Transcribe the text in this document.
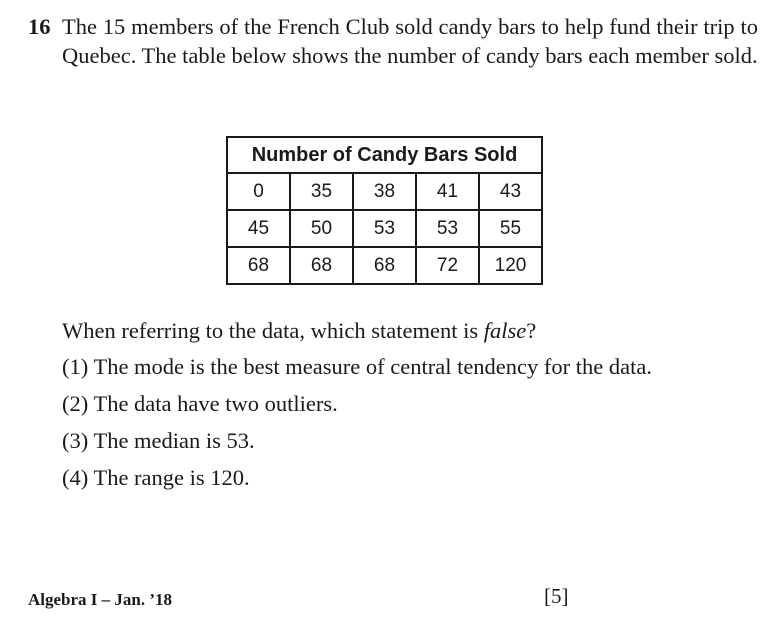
16 The 15 members of the French Club sold candy bars to help fund their trip to Quebec. The table below shows the number of candy bars each member sold.
Number of Candy Bars Sold				
0	35	38	41	43
45	50	53	53	55
68	68	68	72	120
When referring to the data, which statement is false?
(1) The mode is the best measure of central tendency for the data.
(2) The data have two outliers.
(3) The median is 53.
(4) The range is 120.
Algebra I – Jan. ’18	[5]
